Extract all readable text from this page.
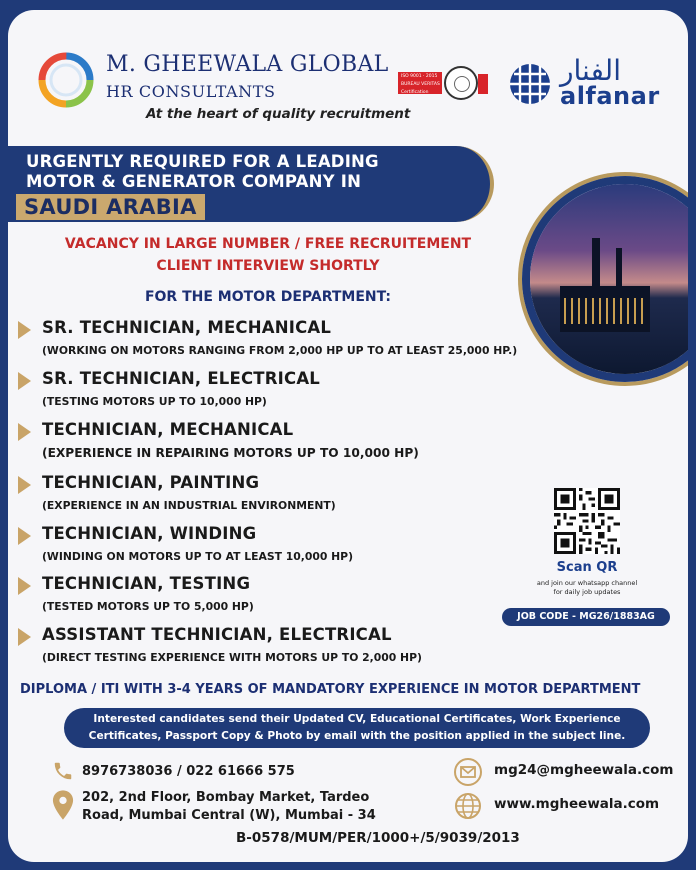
M. GHEEWALA GLOBAL
HR CONSULTANTS
At the heart of quality recruitment
ISO 9001 · 2015
BUREAU VERITAS
Certification
الفنار
alfanar
URGENTLY REQUIRED FOR A LEADING
MOTOR & GENERATOR COMPANY IN
SAUDI ARABIA
VACANCY IN LARGE NUMBER / FREE RECRUITEMENT
CLIENT INTERVIEW SHORTLY
FOR THE MOTOR DEPARTMENT:
SR. TECHNICIAN, MECHANICAL
(WORKING ON MOTORS RANGING FROM 2,000 HP UP TO AT LEAST 25,000 HP.)
SR. TECHNICIAN, ELECTRICAL
(TESTING MOTORS UP TO 10,000 HP)
TECHNICIAN, MECHANICAL
(EXPERIENCE IN REPAIRING MOTORS UP TO 10,000 HP)
TECHNICIAN, PAINTING
(EXPERIENCE IN AN INDUSTRIAL ENVIRONMENT)
TECHNICIAN, WINDING
(WINDING ON MOTORS UP TO AT LEAST 10,000 HP)
TECHNICIAN, TESTING
(TESTED MOTORS UP TO 5,000 HP)
ASSISTANT TECHNICIAN, ELECTRICAL
(DIRECT TESTING EXPERIENCE WITH MOTORS UP TO 2,000 HP)
Scan QR
and join our whatsapp channel
for daily job updates
JOB CODE - MG26/1883AG
DIPLOMA / ITI WITH 3-4 YEARS OF MANDATORY EXPERIENCE IN MOTOR DEPARTMENT
Interested candidates send their Updated CV, Educational Certificates, Work Experience
Certificates, Passport Copy & Photo by email with the position applied in the subject line.
8976738036 / 022 61666 575
202, 2nd Floor, Bombay Market, Tardeo
Road, Mumbai Central (W), Mumbai - 34
mg24@mgheewala.com
www.mgheewala.com
B-0578/MUM/PER/1000+/5/9039/2013
